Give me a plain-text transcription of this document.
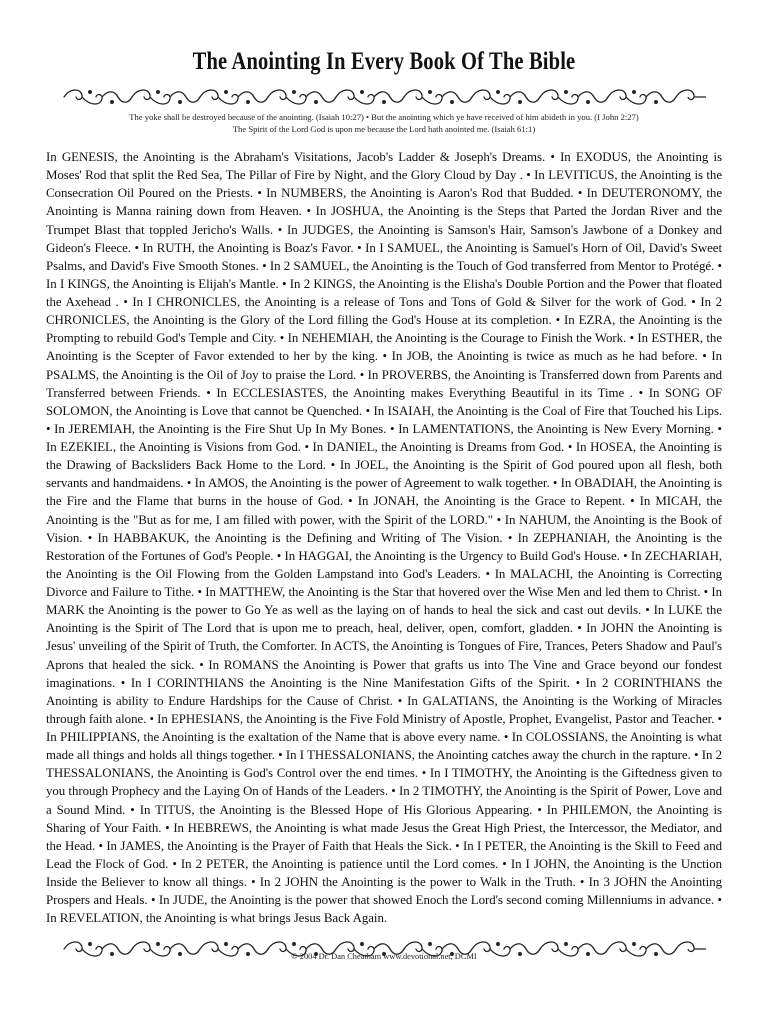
The Anointing In Every Book Of The Bible
The yoke shall be destroyed because of the anointing. (Isaiah 10:27) • But the anointing which ye have received of him abideth in you. (I John 2:27)
The Spirit of the Lord God is upon me because the Lord hath anointed me. (Isaiah 61:1)
In GENESIS, the Anointing is the Abraham's Visitations, Jacob's Ladder & Joseph's Dreams. • In EXODUS, the Anointing is Moses' Rod that split the Red Sea, The Pillar of Fire by Night, and the Glory Cloud by Day . • In LEVITICUS, the Anointing is the Consecration Oil Poured on the Priests. • In NUMBERS, the Anointing is Aaron's Rod that Budded. • In DEUTERONOMY, the Anointing is Manna raining down from Heaven. • In JOSHUA, the Anointing is the Steps that Parted the Jordan River and the Trumpet Blast that toppled Jericho's Walls. • In JUDGES, the Anointing is Samson's Hair, Samson's Jawbone of a Donkey and Gideon's Fleece. • In RUTH, the Anointing is Boaz's Favor. • In I SAMUEL, the Anointing is Samuel's Horn of Oil, David's Sweet Psalms, and David's Five Smooth Stones. • In 2 SAMUEL, the Anointing is the Touch of God transferred from Mentor to Protégé. • In I KINGS, the Anointing is Elijah's Mantle. • In 2 KINGS, the Anointing is the Elisha's Double Portion and the Power that floated the Axehead . • In I CHRONICLES, the Anointing is a release of Tons and Tons of Gold & Silver for the work of God. • In 2 CHRONICLES, the Anointing is the Glory of the Lord filling the God's House at its completion. • In EZRA, the Anointing is the Prompting to rebuild God's Temple and City. • In NEHEMIAH, the Anointing is the Courage to Finish the Work. • In ESTHER, the Anointing is the Scepter of Favor extended to her by the king. • In JOB, the Anointing is twice as much as he had before. • In PSALMS, the Anointing is the Oil of Joy to praise the Lord. • In PROVERBS, the Anointing is Transferred down from Parents and Transferred between Friends. • In ECCLESIASTES, the Anointing makes Everything Beautiful in its Time . • In SONG OF SOLOMON, the Anointing is Love that cannot be Quenched. • In ISAIAH, the Anointing is the Coal of Fire that Touched his Lips. • In JEREMIAH, the Anointing is the Fire Shut Up In My Bones. • In LAMENTATIONS, the Anointing is New Every Morning. • In EZEKIEL, the Anointing is Visions from God. • In DANIEL, the Anointing is Dreams from God. • In HOSEA, the Anointing is the Drawing of Backsliders Back Home to the Lord. • In JOEL, the Anointing is the Spirit of God poured upon all flesh, both servants and handmaidens. • In AMOS, the Anointing is the power of Agreement to walk together. • In OBADIAH, the Anointing is the Fire and the Flame that burns in the house of God. • In JONAH, the Anointing is the Grace to Repent. • In MICAH, the Anointing is the "But as for me, I am filled with power, with the Spirit of the LORD." • In NAHUM, the Anointing is the Book of Vision. • In HABBAKUK, the Anointing is the Defining and Writing of The Vision. • In ZEPHANIAH, the Anointing is the Restoration of the Fortunes of God's People. • In HAGGAI, the Anointing is the Urgency to Build God's House. • In ZECHARIAH, the Anointing is the Oil Flowing from the Golden Lampstand into God's Leaders. • In MALACHI, the Anointing is Correcting Divorce and Failure to Tithe. • In MATTHEW, the Anointing is the Star that hovered over the Wise Men and led them to Christ. • In MARK the Anointing is the power to Go Ye as well as the laying on of hands to heal the sick and cast out devils. • In LUKE the Anointing is the Spirit of The Lord that is upon me to preach, heal, deliver, open, comfort, gladden. • In JOHN the Anointing is Jesus' unveiling of the Spirit of Truth, the Comforter. In ACTS, the Anointing is Tongues of Fire, Trances, Peters Shadow and Paul's Aprons that healed the sick. • In ROMANS the Anointing is Power that grafts us into The Vine and Grace beyond our fondest imaginations. • In I CORINTHIANS the Anointing is the Nine Manifestation Gifts of the Spirit. • In 2 CORINTHIANS the Anointing is ability to Endure Hardships for the Cause of Christ. • In GALATIANS, the Anointing is the Working of Miracles through faith alone. • In EPHESIANS, the Anointing is the Five Fold Ministry of Apostle, Prophet, Evangelist, Pastor and Teacher. • In PHILIPPIANS, the Anointing is the exaltation of the Name that is above every name. • In COLOSSIANS, the Anointing is what made all things and holds all things together. • In I THESSALONIANS, the Anointing catches away the church in the rapture. • In 2 THESSALONIANS, the Anointing is God's Control over the end times. • In I TIMOTHY, the Anointing is the Giftedness given to you through Prophecy and the Laying On of Hands of the Leaders. • In 2 TIMOTHY, the Anointing is the Spirit of Power, Love and a Sound Mind. • In TITUS, the Anointing is the Blessed Hope of His Glorious Appearing. • In PHILEMON, the Anointing is Sharing of Your Faith. • In HEBREWS, the Anointing is what made Jesus the Great High Priest, the Intercessor, the Mediator, and the Head. • In JAMES, the Anointing is the Prayer of Faith that Heals the Sick. • In I PETER, the Anointing is the Skill to Feed and Lead the Flock of God. • In 2 PETER, the Anointing is patience until the Lord comes. • In I JOHN, the Anointing is the Unction Inside the Believer to know all things. • In 2 JOHN the Anointing is the power to Walk in the Truth. • In 3 JOHN the Anointing Prospers and Heals. • In JUDE, the Anointing is the power that showed Enoch the Lord's second coming Millenniums in advance. • In REVELATION, the Anointing is what brings Jesus Back Again.
© 2004 Dr. Dan Cheatham www.devotional.net, DCMI
